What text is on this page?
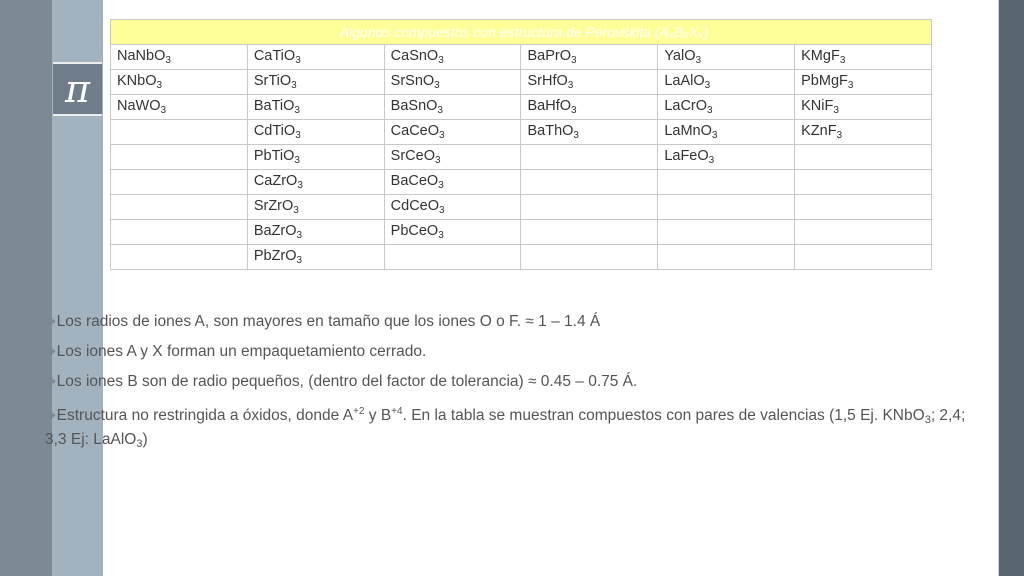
π
Algunos compuestos con estructura de Perovskita (AₓBₓXₓ)					
NaNbO$_3$	CaTiO$_3$	CaSnO$_3$	BaPrO$_3$	YalO$_3$	KMgF$_3$
KNbO$_3$	SrTiO$_3$	SrSnO$_3$	SrHfO$_3$	LaAlO$_3$	PbMgF$_3$
NaWO$_3$	BaTiO$_3$	BaSnO$_3$	BaHfO$_3$	LaCrO$_3$	KNiF$_3$
	CdTiO$_3$	CaCeO$_3$	BaThO$_3$	LaMnO$_3$	KZnF$_3$
	PbTiO$_3$	SrCeO$_3$		LaFeO$_3$	
	CaZrO$_3$	BaCeO$_3$			
	SrZrO$_3$	CdCeO$_3$			
	BaZrO$_3$	PbCeO$_3$			
	PbZrO$_3$				

❖Los radios de iones A, son mayores en tamaño que los iones O o F. ≈ 1 – 1.4 Á

❖Los iones A y X forman un empaquetamiento cerrado.

❖Los iones B son de radio pequeños, (dentro del factor de tolerancia) ≈ 0.45 – 0.75 Á.

❖Estructura no restringida a óxidos, donde $A^{+2}$ y $B^{+4}$. En la tabla se muestran compuestos con pares de valencias (1,5 Ej. KNbO$_3$; 2,4; 3,3 Ej: LaAlO$_3$)
